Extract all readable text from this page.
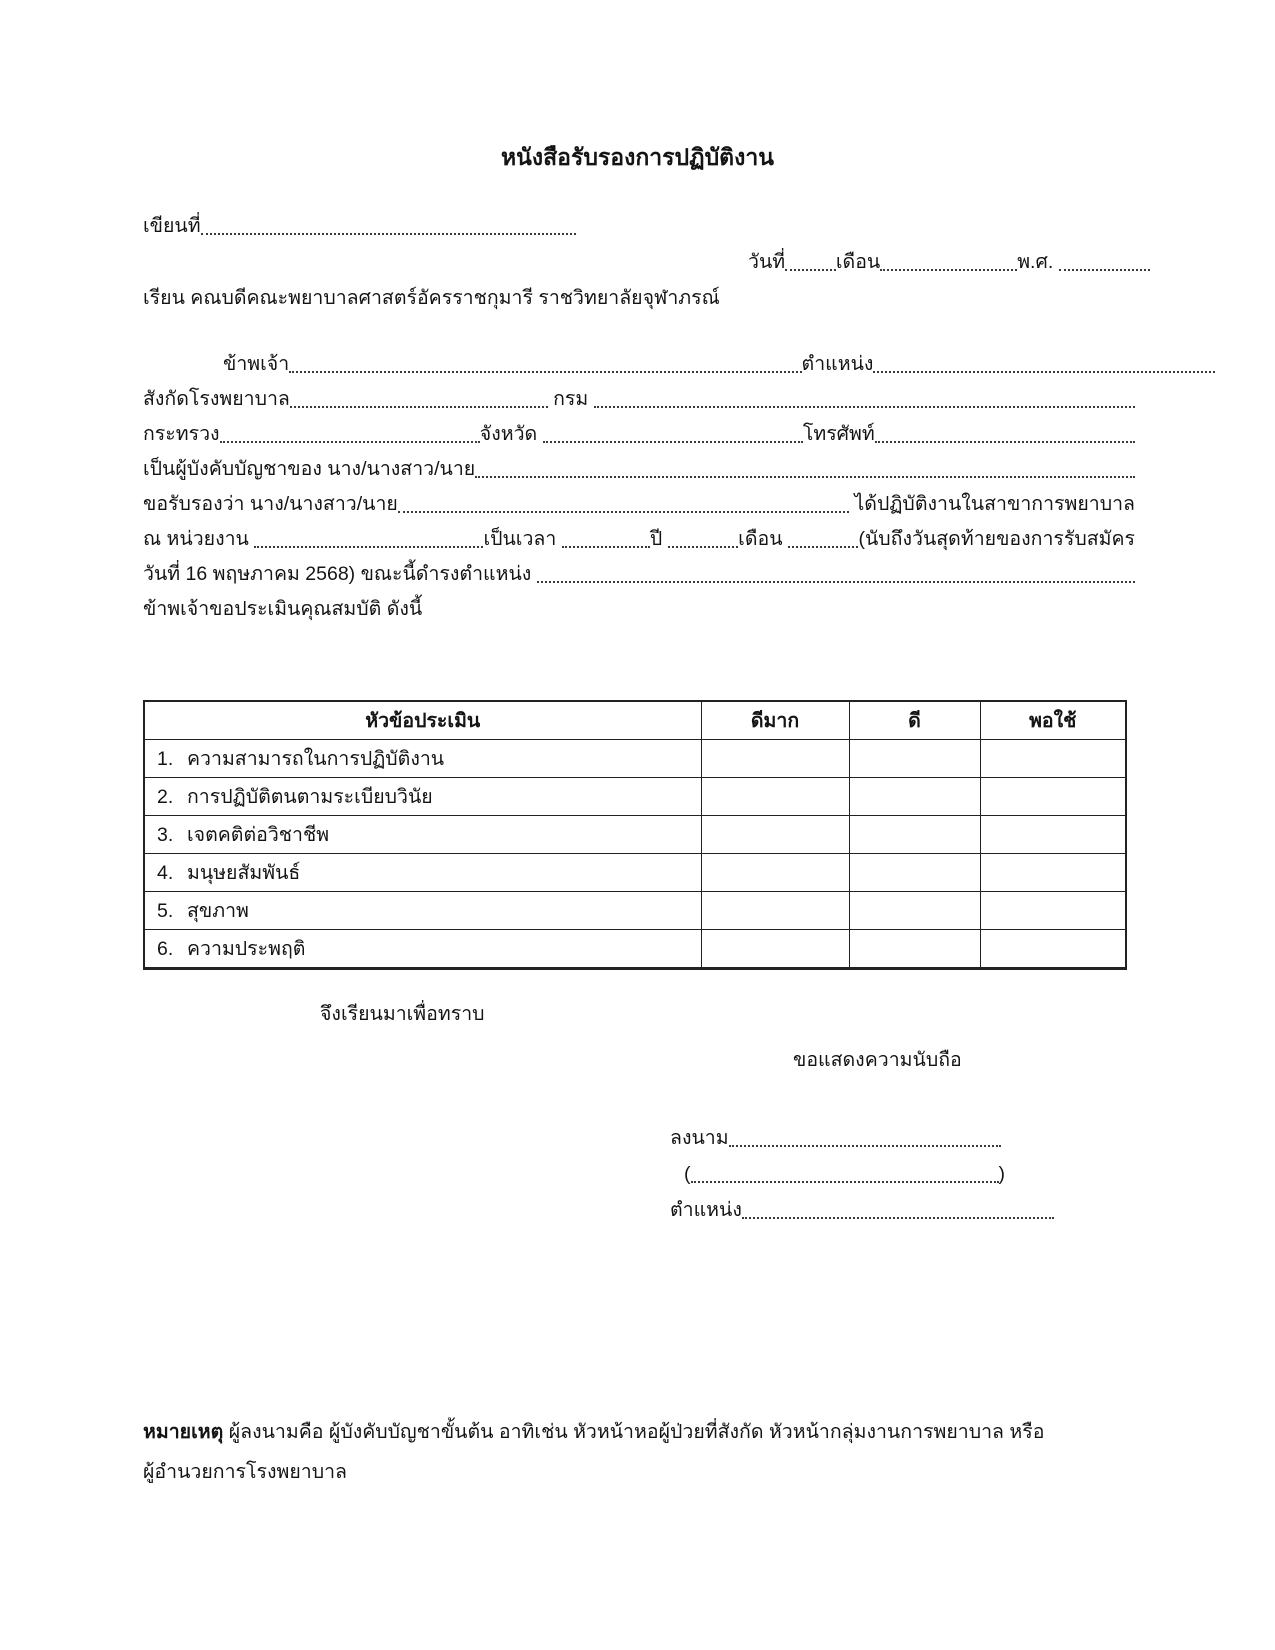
หนังสือรับรองการปฏิบัติงาน
เขียนที่
วันที่	เดือน	พ.ศ.
เรียน คณบดีคณะพยาบาลศาสตร์อัครราชกุมารี ราชวิทยาลัยจุฬาภรณ์
ข้าพเจ้า	ตำแหน่ง
สังกัดโรงพยาบาล	กรม
กระทรวง	จังหวัด	โทรศัพท์
เป็นผู้บังคับบัญชาของ นาง/นางสาว/นาย
ขอรับรองว่า นาง/นางสาว/นาย	ได้ปฏิบัติงานในสาขาการพยาบาล
ณ หน่วยงาน	เป็นเวลา	ปี	เดือน	(นับถึงวันสุดท้ายของการรับสมัคร
วันที่ 16 พฤษภาคม 2568) ขณะนี้ดำรงตำแหน่ง
ข้าพเจ้าขอประเมินคุณสมบัติ ดังนี้
หัวข้อประเมิน	ดีมาก	ดี	พอใช้
1. ความสามารถในการปฏิบัติงาน			
2. การปฏิบัติตนตามระเบียบวินัย			
3. เจตคติต่อวิชาชีพ			
4. มนุษยสัมพันธ์			
5. สุขภาพ			
6. ความประพฤติ			
จึงเรียนมาเพื่อทราบ
ขอแสดงความนับถือ
ลงนาม
(	)
ตำแหน่ง
หมายเหตุ ผู้ลงนามคือ ผู้บังคับบัญชาขั้นต้น อาทิเช่น หัวหน้าหอผู้ป่วยที่สังกัด หัวหน้ากลุ่มงานการพยาบาล หรือ
ผู้อำนวยการโรงพยาบาล
